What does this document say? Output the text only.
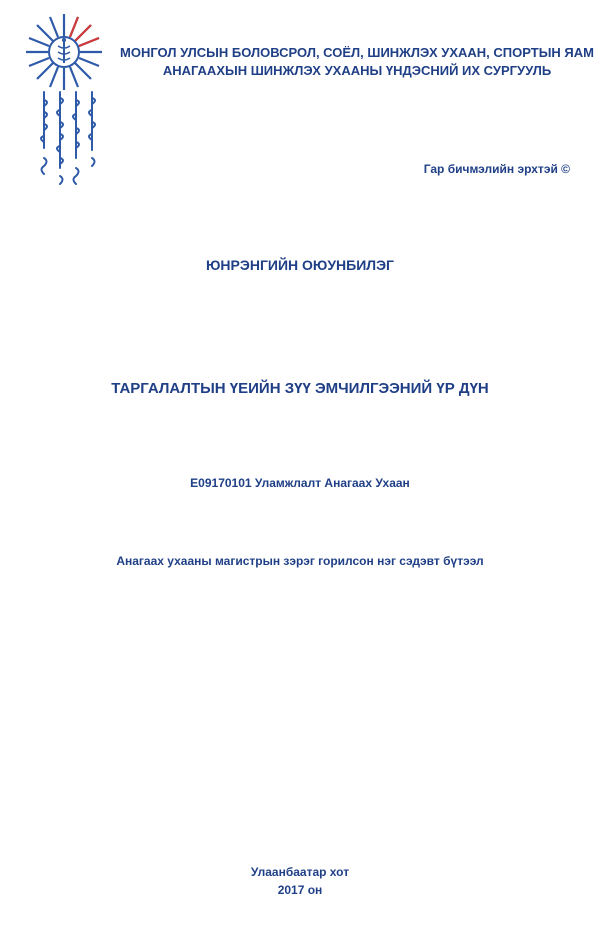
МОНГОЛ УЛСЫН БОЛОВСРОЛ, СОЁЛ, ШИНЖЛЭХ УХААН, СПОРТЫН ЯАМ
АНАГААХЫН ШИНЖЛЭХ УХААНЫ ҮНДЭСНИЙ ИХ СУРГУУЛЬ
Гар бичмэлийн эрхтэй ©
ЮНРЭНГИЙН ОЮУНБИЛЭГ
ТАРГАЛАЛТЫН ҮЕИЙН ЗҮҮ ЭМЧИЛГЭЭНИЙ ҮР ДҮН
E09170101 Уламжлалт Анагаах Ухаан
Анагаах ухааны магистрын зэрэг горилсон нэг сэдэвт бүтээл
Улаанбаатар хот
2017 он
